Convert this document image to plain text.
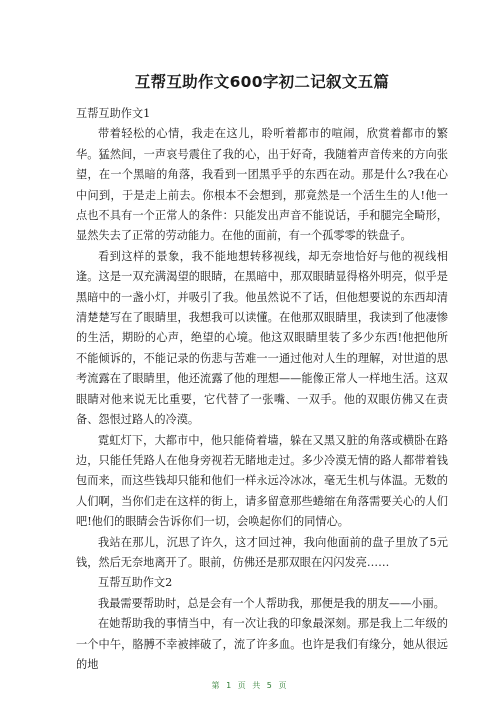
互帮互助作文600字初二记叙文五篇

互帮互助作文1

带着轻松的心情，我走在这儿，聆听着都市的喧闹，欣赏着都市的繁华。猛然间，一声哀号震住了我的心，出于好奇，我随着声音传来的方向张望，在一个黑暗的角落，我看到一团黑乎乎的东西在动。那是什么?我在心中问到，于是走上前去。你根本不会想到，那竟然是一个活生生的人!他一点也不具有一个正常人的条件：只能发出声音不能说话，手和腿完全畸形，显然失去了正常的劳动能力。在他的面前，有一个孤零零的铁盘子。

看到这样的景象，我不能地想转移视线，却无奈地恰好与他的视线相逢。这是一双充满渴望的眼睛，在黑暗中，那双眼睛显得格外明亮，似乎是黑暗中的一盏小灯，并吸引了我。他虽然说不了话，但他想要说的东西却清清楚楚写在了眼睛里，我想我可以读懂。在他那双眼睛里，我读到了他凄惨的生活，期盼的心声，绝望的心境。他这双眼睛里装了多少东西!他把他所不能倾诉的，不能记录的伤悲与苦难一一通过他对人生的理解，对世道的思考流露在了眼睛里，他还流露了他的理想——能像正常人一样地生活。这双眼睛对他来说无比重要，它代替了一张嘴、一双手。他的双眼仿佛又在责备、怨恨过路人的冷漠。

霓虹灯下，大都市中，他只能倚着墙，躲在又黑又脏的角落或横卧在路边，只能任凭路人在他身旁视若无睹地走过。多少冷漠无情的路人都带着钱包而来，而这些钱却只能和他们一样永远冷冰冰，毫无生机与体温。无数的人们啊，当你们走在这样的街上，请多留意那些蜷缩在角落需要关心的人们吧!他们的眼睛会告诉你们一切，会唤起你们的同情心。

我站在那儿，沉思了许久，这才回过神，我向他面前的盘子里放了5元钱，然后无奈地离开了。眼前，仿佛还是那双眼在闪闪发亮……

互帮互助作文2

我最需要帮助时，总是会有一个人帮助我，那便是我的朋友——小丽。

在她帮助我的事情当中，有一次让我的印象最深刻。那是我上二年级的一个中午，胳膊不幸被摔破了，流了许多血。也许是我们有缘分，她从很远的地

第 1 页 共 5 页
